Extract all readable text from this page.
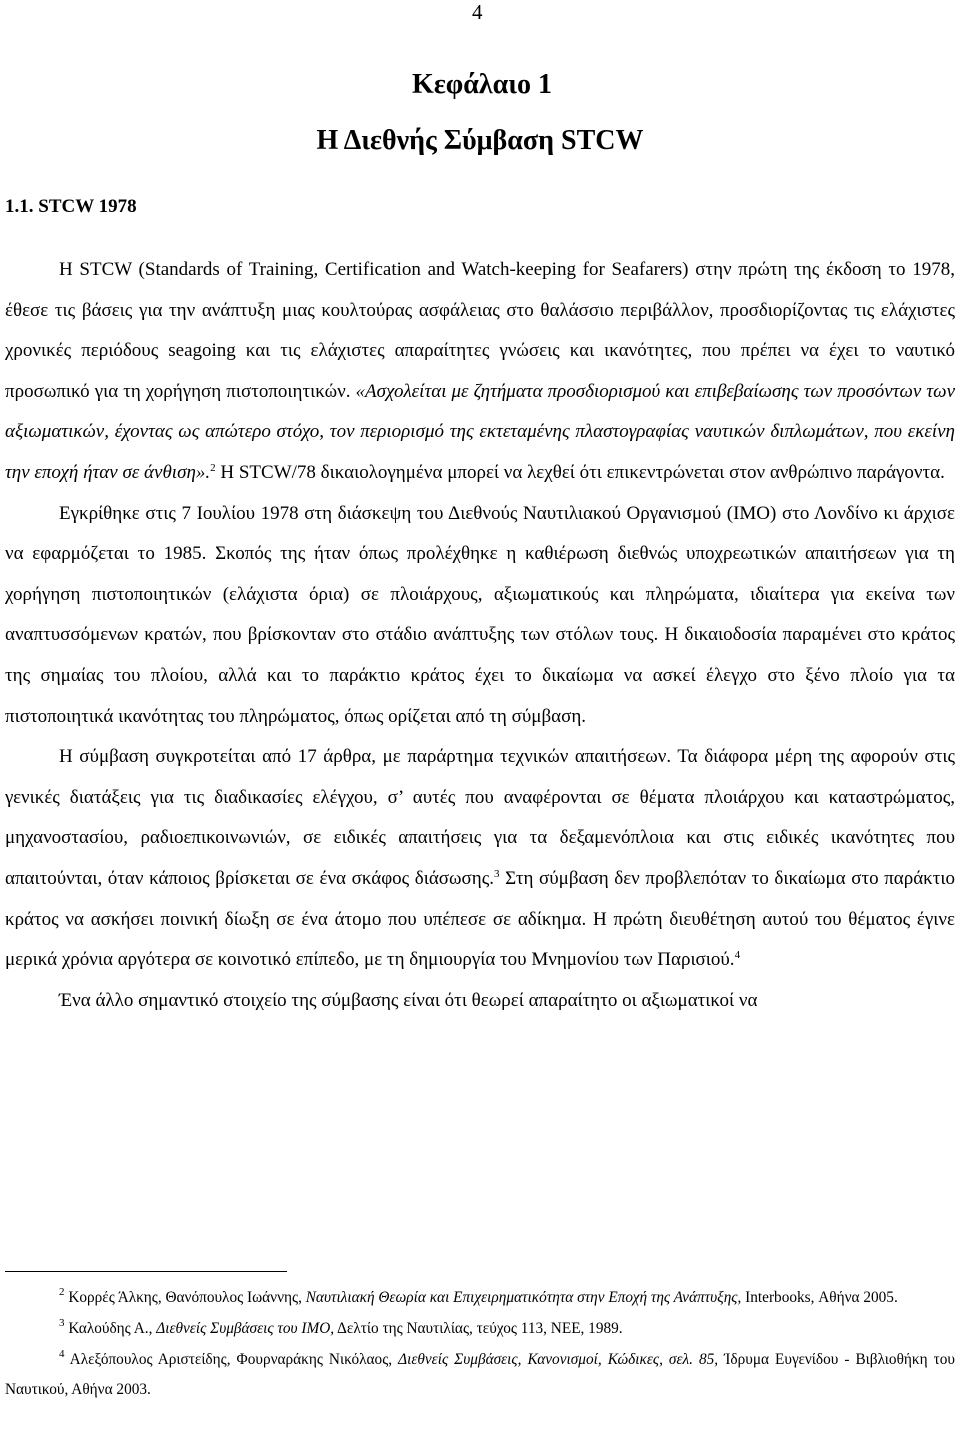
4
Κεφάλαιο 1
Η Διεθνής Σύμβαση STCW
1.1. STCW 1978

Η STCW (Standards of Training, Certification and Watch-keeping for Seafarers) στην πρώτη της έκδοση το 1978, έθεσε τις βάσεις για την ανάπτυξη μιας κουλτούρας ασφάλειας στο θαλάσσιο περιβάλλον, προσδιορίζοντας τις ελάχιστες χρονικές περιόδους seagoing και τις ελάχιστες απαραίτητες γνώσεις και ικανότητες, που πρέπει να έχει το ναυτικό προσωπικό για τη χορήγηση πιστοποιητικών. «Ασχολείται με ζητήματα προσδιορισμού και επιβεβαίωσης των προσόντων των αξιωματικών, έχοντας ως απώτερο στόχο, τον περιορισμό της εκτεταμένης πλαστογραφίας ναυτικών διπλωμάτων, που εκείνη την εποχή ήταν σε άνθιση».$^2$ Η STCW/78 δικαιολογημένα μπορεί να λεχθεί ότι επικεντρώνεται στον ανθρώπινο παράγοντα.

Εγκρίθηκε στις 7 Ιουλίου 1978 στη διάσκεψη του Διεθνούς Ναυτιλιακού Οργανισμού (IMO) στο Λονδίνο κι άρχισε να εφαρμόζεται το 1985. Σκοπός της ήταν όπως προλέχθηκε η καθιέρωση διεθνώς υποχρεωτικών απαιτήσεων για τη χορήγηση πιστοποιητικών (ελάχιστα όρια) σε πλοιάρχους, αξιωματικούς και πληρώματα, ιδιαίτερα για εκείνα των αναπτυσσόμενων κρατών, που βρίσκονταν στο στάδιο ανάπτυξης των στόλων τους. Η δικαιοδοσία παραμένει στο κράτος της σημαίας του πλοίου, αλλά και το παράκτιο κράτος έχει το δικαίωμα να ασκεί έλεγχο στο ξένο πλοίο για τα πιστοποιητικά ικανότητας του πληρώματος, όπως ορίζεται από τη σύμβαση.

Η σύμβαση συγκροτείται από 17 άρθρα, με παράρτημα τεχνικών απαιτήσεων. Τα διάφορα μέρη της αφορούν στις γενικές διατάξεις για τις διαδικασίες ελέγχου, σ’ αυτές που αναφέρονται σε θέματα πλοιάρχου και καταστρώματος, μηχανοστασίου, ραδιοεπικοινωνιών, σε ειδικές απαιτήσεις για τα δεξαμενόπλοια και στις ειδικές ικανότητες που απαιτούνται, όταν κάποιος βρίσκεται σε ένα σκάφος διάσωσης.$^3$ Στη σύμβαση δεν προβλεπόταν το δικαίωμα στο παράκτιο κράτος να ασκήσει ποινική δίωξη σε ένα άτομο που υπέπεσε σε αδίκημα. Η πρώτη διευθέτηση αυτού του θέματος έγινε μερικά χρόνια αργότερα σε κοινοτικό επίπεδο, με τη δημιουργία του Μνημονίου των Παρισιού.$^4$

Ένα άλλο σημαντικό στοιχείο της σύμβασης είναι ότι θεωρεί απαραίτητο οι αξιωματικοί να

$^2$ Κορρές Άλκης, Θανόπουλος Ιωάννης, Ναυτιλιακή Θεωρία και Επιχειρηματικότητα στην Εποχή της Ανάπτυξης, Interbooks, Αθήνα 2005.

$^3$ Καλούδης Α., Διεθνείς Συμβάσεις του ΙΜΟ, Δελτίο της Ναυτιλίας, τεύχος 113, ΝΕΕ, 1989.

$^4$ Αλεξόπουλος Αριστείδης, Φουρναράκης Νικόλαος, Διεθνείς Συμβάσεις, Κανονισμοί, Κώδικες, σελ. 85, Ίδρυμα Ευγενίδου - Βιβλιοθήκη του Ναυτικού, Αθήνα 2003.
